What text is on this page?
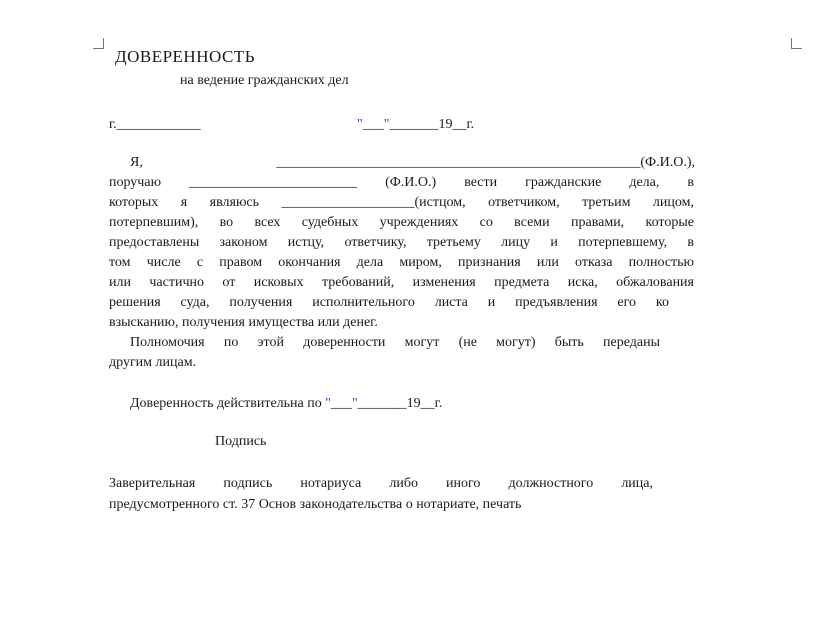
ДОВЕРЕННОСТЬ
на ведение гражданских дел
г.____________	"___"_______19__г.
Я, ____________________________________________________(Ф.И.О.),
поручаю ________________________ (Ф.И.О.) вести гражданские дела, в
которых я являюсь ___________________(истцом, ответчиком, третьим лицом,
потерпевшим), во всех судебных учреждениях со всеми правами, которые
предоставлены законом истцу, ответчику, третьему лицу и потерпевшему, в
том числе с правом окончания дела миром, признания или отказа полностью
или частично от исковых требований, изменения предмета иска, обжалования
решения суда, получения исполнительного листа и предъявления его ко
взысканию, получения имущества или денег.
Полномочия по этой доверенности могут (не могут) быть переданы
другим лицам.
Доверенность действительна по "___"_______19__г.
Подпись
Заверительная подпись нотариуса либо иного должностного лица,
предусмотренного ст. 37 Основ законодательства о нотариате, печать
